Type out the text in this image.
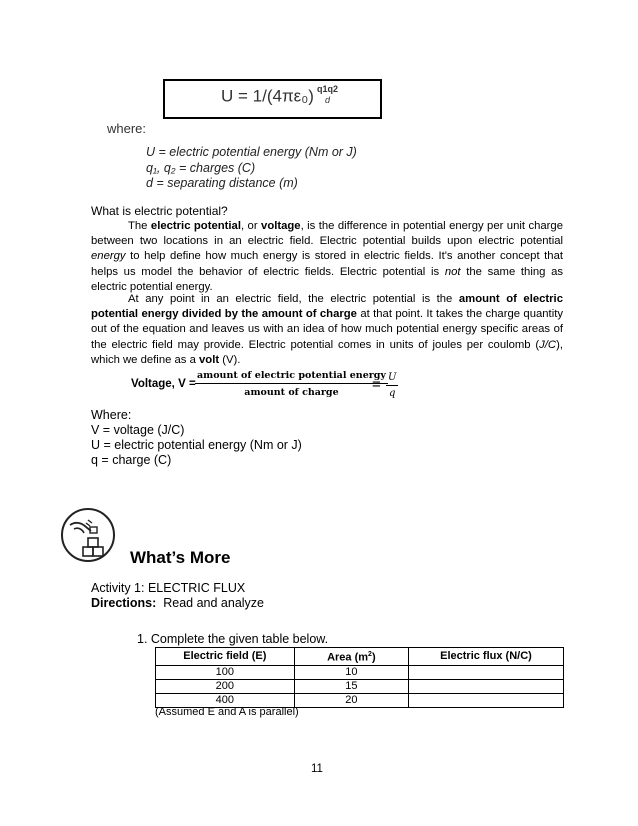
U = 1/(4πε₀) q1q2
d
where:
U = electric potential energy (Nm or J)
q₁, q₂ = charges (C)
d = separating distance (m)
What is electric potential?

The electric potential, or voltage, is the difference in potential energy per unit charge between two locations in an electric field. Electric potential builds upon electric potential energy to help define how much energy is stored in electric fields. It's another concept that helps us model the behavior of electric fields. Electric potential is not the same thing as electric potential energy.

At any point in an electric field, the electric potential is the amount of electric potential energy divided by the amount of charge at that point. It takes the charge quantity out of the equation and leaves us with an idea of how much potential energy specific areas of the electric field may provide. Electric potential comes in units of joules per coulomb (J/C), which we define as a volt (V).

Voltage, V =
amount of electric potential energy
amount of charge	= $\frac{U}{q}$
Where:
V = voltage (J/C)
U = electric potential energy (Nm or J)
q = charge (C)
What’s More
Activity 1: ELECTRIC FLUX
Directions:  Read and analyze
1. Complete the given table below.
Electric field (E)	Area $(m^2)$	Electric flux (N/C)
100	10	
200	15	
400	20	
(Assumed E and A is parallel)
11
